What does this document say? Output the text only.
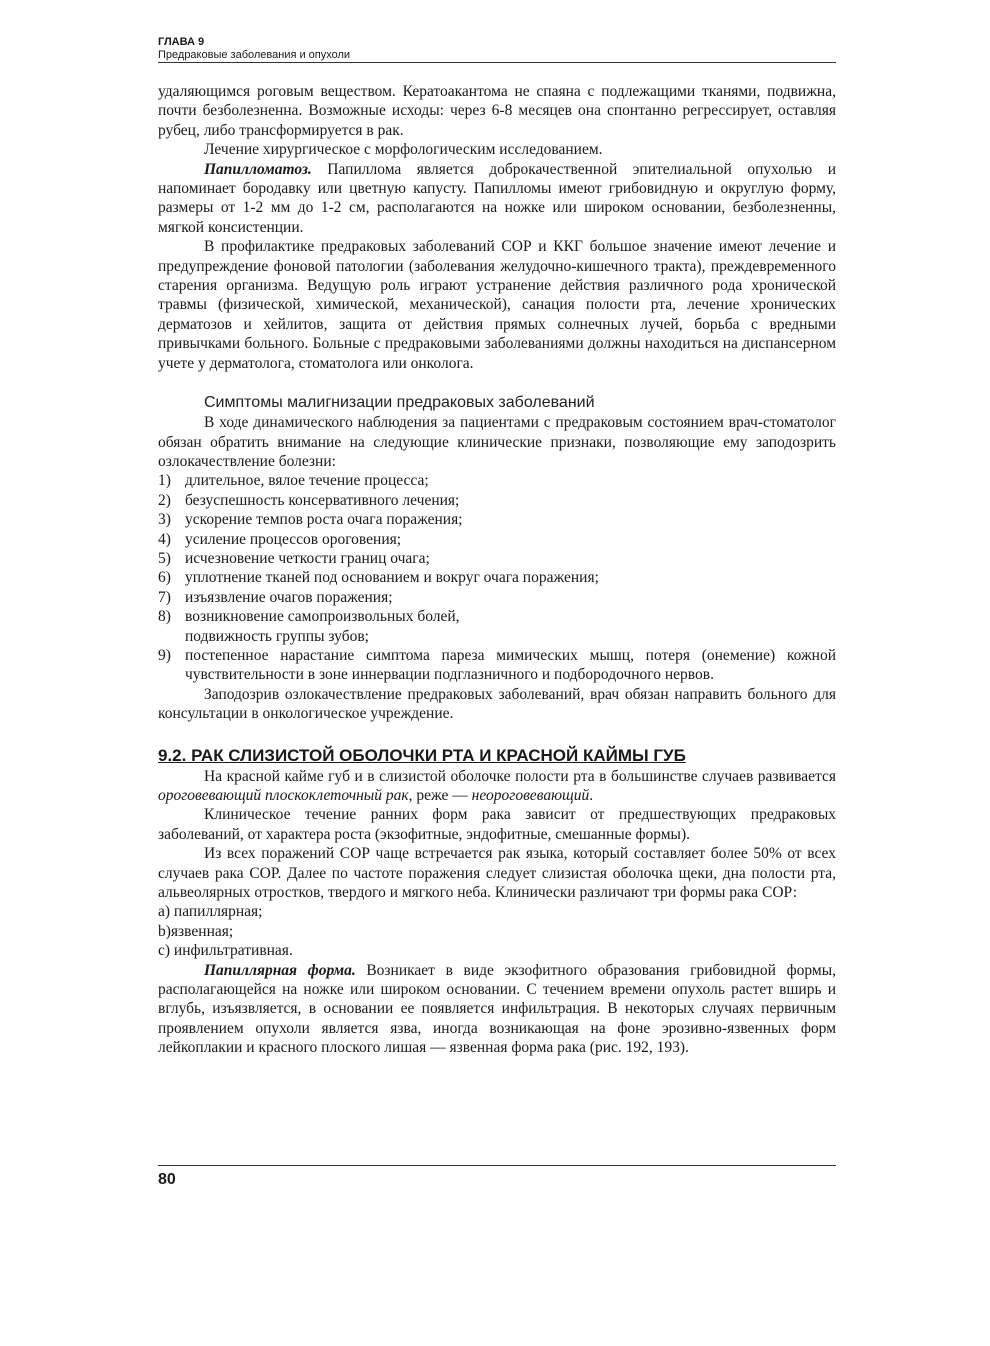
ГЛАВА 9
Предраковые заболевания и опухоли

удаляющимся роговым веществом. Кератоакантома не спаяна с подлежащими тканями, подвижна, почти безболезненна. Возможные исходы: через 6-8 месяцев она спонтанно регрессирует, оставляя рубец, либо трансформируется в рак.

Лечение хирургическое с морфологическим исследованием.

Папилломатоз. Папиллома является доброкачественной эпителиальной опухолью и напоминает бородавку или цветную капусту. Папилломы имеют грибовидную и округлую форму, размеры от 1-2 мм до 1-2 см, располагаются на ножке или широком основании, безболезненны, мягкой консистенции.

В профилактике предраковых заболеваний СОР и ККГ большое значение имеют лечение и предупреждение фоновой патологии (заболевания желудочно-кишечного тракта), преждевременного старения организма. Ведущую роль играют устранение действия различного рода хронической травмы (физической, химической, механической), санация полости рта, лечение хронических дерматозов и хейлитов, защита от действия прямых солнечных лучей, борьба с вредными привычками больного. Больные с предраковыми заболеваниями должны находиться на диспансерном учете у дерматолога, стоматолога или онколога.

Симптомы малигнизации предраковых заболеваний

В ходе динамического наблюдения за пациентами с предраковым состоянием врач-стоматолог обязан обратить внимание на следующие клинические признаки, позволяющие ему заподозрить озлокачествление болезни:

1) длительное, вялое течение процесса;
2) безуспешность консервативного лечения;
3) ускорение темпов роста очага поражения;
4) усиление процессов ороговения;
5) исчезновение четкости границ очага;
6) уплотнение тканей под основанием и вокруг очага поражения;
7) изъязвление очагов поражения;
8) возникновение самопроизвольных болей,
подвижность группы зубов;
9) постепенное нарастание симптома пареза мимических мышц, потеря (онемение) кожной чувствительности в зоне иннервации подглазничного и подбородочного нервов.

Заподозрив озлокачествление предраковых заболеваний, врач обязан направить больного для консультации в онкологическое учреждение.

9.2. РАК СЛИЗИСТОЙ ОБОЛОЧКИ РТА И КРАСНОЙ КАЙМЫ ГУБ

На красной кайме губ и в слизистой оболочке полости рта в большинстве случаев развивается ороговевающий плоскоклеточный рак, реже — неороговевающий.

Клиническое течение ранних форм рака зависит от предшествующих предраковых заболеваний, от характера роста (экзофитные, эндофитные, смешанные формы).

Из всех поражений СОР чаще встречается рак языка, который составляет более 50% от всех случаев рака СОР. Далее по частоте поражения следует слизистая оболочка щеки, дна полости рта, альвеолярных отростков, твердого и мягкого неба. Клинически различают три формы рака СОР:

a) папиллярная;
b)язвенная;
c) инфильтративная.

Папиллярная форма. Возникает в виде экзофитного образования грибовидной формы, располагающейся на ножке или широком основании. С течением времени опухоль растет вширь и вглубь, изъязвляется, в основании ее появляется инфильтрация. В некоторых случаях первичным проявлением опухоли является язва, иногда возникающая на фоне эрозивно-язвенных форм лейкоплакии и красного плоского лишая — язвенная форма рака (рис. 192, 193).

80
